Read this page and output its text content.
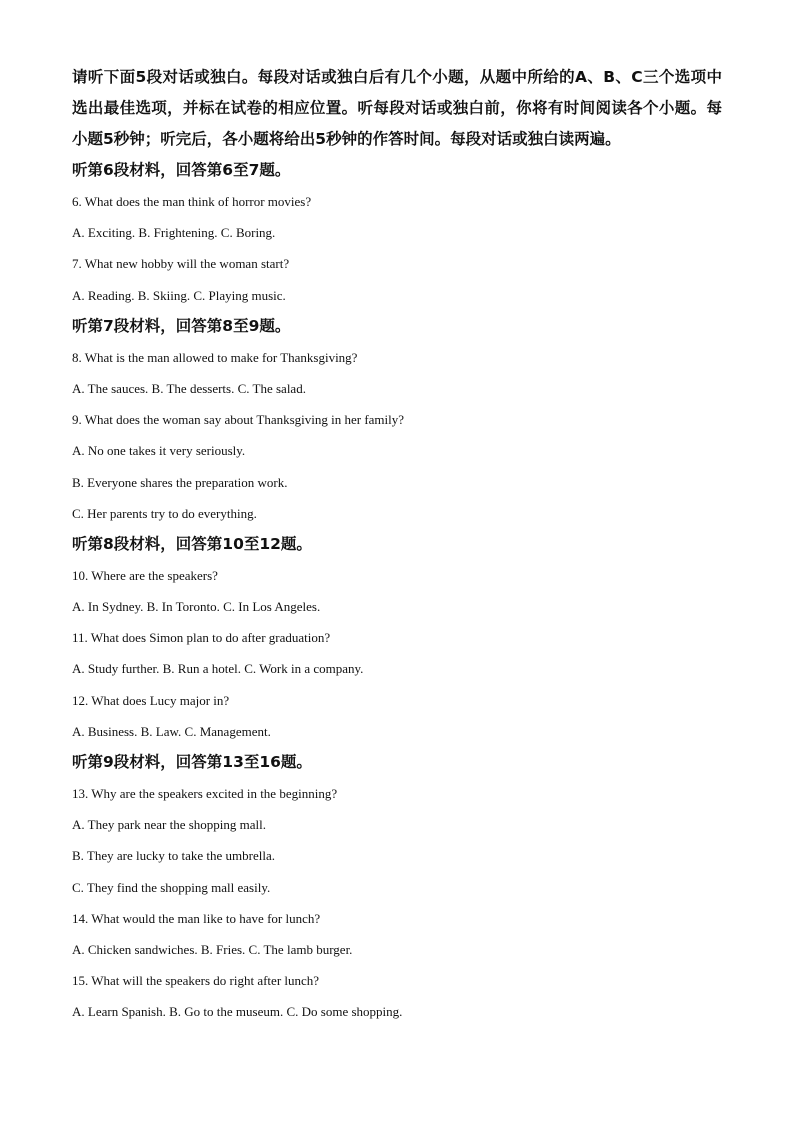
请听下面5段对话或独白。每段对话或独白后有几个小题，从题中所给的A、B、C三个选项中选出最佳选项，并标在试卷的相应位置。听每段对话或独白前，你将有时间阅读各个小题。每小题5秒钟；听完后，各小题将给出5秒钟的作答时间。每段对话或独白读两遍。

听第6段材料，回答第6至7题。

6. What does the man think of horror movies?

A. Exciting. B. Frightening. C. Boring.

7. What new hobby will the woman start?

A. Reading. B. Skiing. C. Playing music.

听第7段材料，回答第8至9题。

8. What is the man allowed to make for Thanksgiving?

A. The sauces. B. The desserts. C. The salad.

9. What does the woman say about Thanksgiving in her family?

A. No one takes it very seriously.

B. Everyone shares the preparation work.

C. Her parents try to do everything.

听第8段材料，回答第10至12题。

10. Where are the speakers?

A. In Sydney. B. In Toronto. C. In Los Angeles.

11. What does Simon plan to do after graduation?

A. Study further. B. Run a hotel. C. Work in a company.

12. What does Lucy major in?

A. Business. B. Law. C. Management.

听第9段材料，回答第13至16题。

13. Why are the speakers excited in the beginning?

A. They park near the shopping mall.

B. They are lucky to take the umbrella.

C. They find the shopping mall easily.

14. What would the man like to have for lunch?

A. Chicken sandwiches. B. Fries. C. The lamb burger.

15. What will the speakers do right after lunch?

A. Learn Spanish. B. Go to the museum. C. Do some shopping.
